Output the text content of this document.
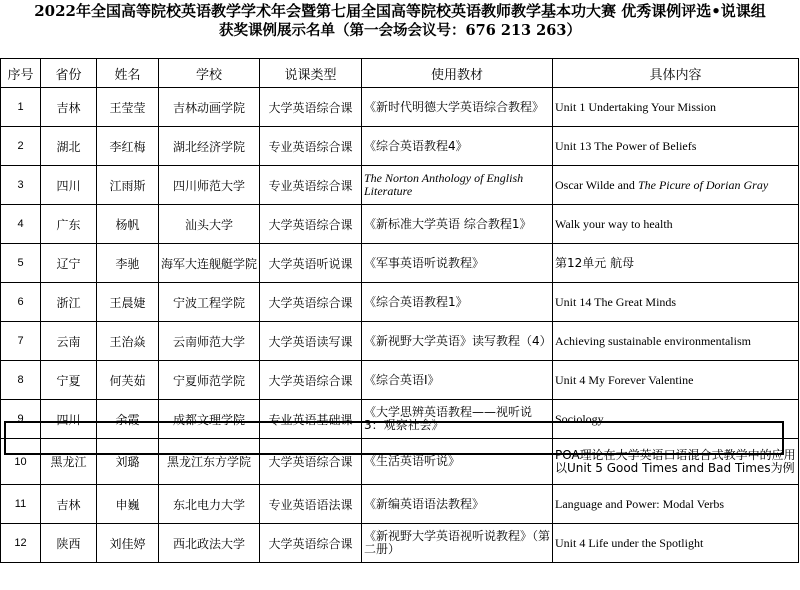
2022年全国高等院校英语教学学术年会暨第七届全国高等院校英语教师教学基本功大赛 优秀课例评选•说课组
获奖课例展示名单（第一会场会议号：676 213 263）
序号	省份	姓名	学校	说课类型	使用教材	具体内容
1	吉林	王莹莹	吉林动画学院	大学英语综合课	《新时代明德大学英语综合教程》	Unit 1 Undertaking Your Mission
2	湖北	李红梅	湖北经济学院	专业英语综合课	《综合英语教程4》	Unit 13 The Power of Beliefs
3	四川	江雨斯	四川师范大学	专业英语综合课	The Norton Anthology of English Literature	Oscar Wilde and The Picure of Dorian Gray
4	广东	杨帆	汕头大学	大学英语综合课	《新标准大学英语 综合教程1》	Walk your way to health
5	辽宁	李驰	海军大连舰艇学院	大学英语听说课	《军事英语听说教程》	第12单元 航母
6	浙江	王晨婕	宁波工程学院	大学英语综合课	《综合英语教程1》	Unit 14 The Great Minds
7	云南	王治焱	云南师范大学	大学英语读写课	《新视野大学英语》读写教程（4）	Achieving sustainable environmentalism
8	宁夏	何芙茹	宁夏师范学院	大学英语综合课	《综合英语I》	Unit 4 My Forever Valentine
9	四川	余霞	成都文理学院	专业英语基础课	《大学思辨英语教程——视听说3：观察社会》	Sociology
10	黑龙江	刘璐	黑龙江东方学院	大学英语综合课	《生活英语听说》	POA理论在大学英语口语混合式教学中的应用 以Unit 5 Good Times and Bad Times为例
11	吉林	申巍	东北电力大学	专业英语语法课	《新编英语语法教程》	Language and Power: Modal Verbs
12	陕西	刘佳婷	西北政法大学	大学英语综合课	《新视野大学英语视听说教程》（第二册）	Unit 4 Life under the Spotlight
